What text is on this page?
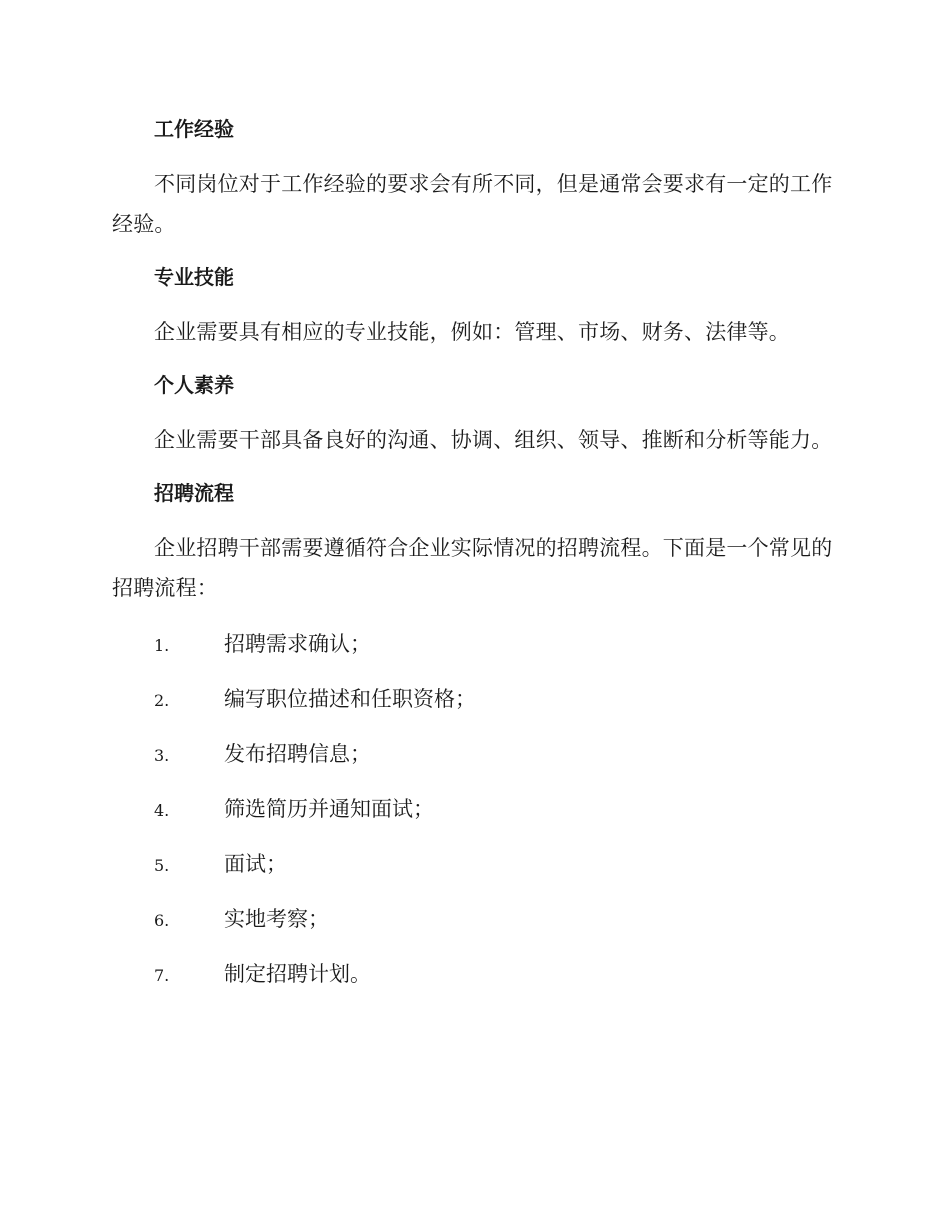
工作经验

不同岗位对于工作经验的要求会有所不同，但是通常会要求有一定的工作经验。

专业技能

企业需要具有相应的专业技能，例如：管理、市场、财务、法律等。

个人素养

企业需要干部具备良好的沟通、协调、组织、领导、推断和分析等能力。

招聘流程

企业招聘干部需要遵循符合企业实际情况的招聘流程。下面是一个常见的招聘流程：

1.	招聘需求确认；
2.	编写职位描述和任职资格；
3.	发布招聘信息；
4.	筛选简历并通知面试；
5.	面试；
6.	实地考察；
7.	制定招聘计划。
